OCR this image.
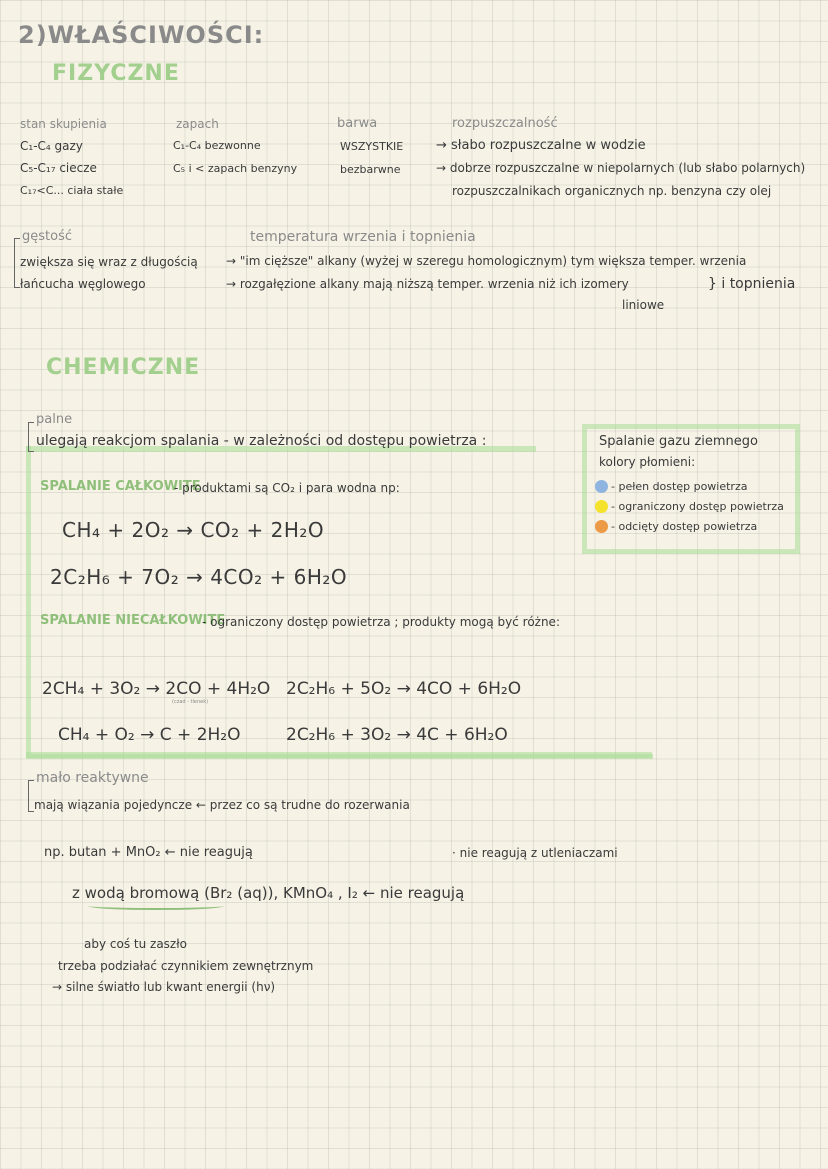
2)WŁAŚCIWOŚCI:
FIZYCZNE
stan skupienia
C₁-C₄ gazy
C₅-C₁₇ ciecze
C₁₇<C... ciała stałe
zapach
C₁-C₄ bezwonne
C₅ i < zapach benzyny
barwa
WSZYSTKIE
bezbarwne
rozpuszczalność
→ słabo rozpuszczalne w wodzie
→ dobrze rozpuszczalne w niepolarnych (lub słabo polarnych)
rozpuszczalnikach organicznych np. benzyna czy olej
gęstość
zwiększa się wraz z długością
łańcucha węglowego
temperatura wrzenia i topnienia
→ "im cięższe" alkany (wyżej w szeregu homologicznym) tym większa temper. wrzenia
→ rozgałęzione alkany mają niższą temper. wrzenia niż ich izomery
liniowe
} i topnienia
CHEMICZNE
palne
ulegają reakcjom spalania - w zależności od dostępu powietrza :
SPALANIE CAŁKOWITE
- produktami są CO₂ i para wodna np:
CH₄ + 2O₂ → CO₂ + 2H₂O
2C₂H₆ + 7O₂ → 4CO₂ + 6H₂O
SPALANIE NIECAŁKOWITE
- ograniczony dostęp powietrza ; produkty mogą być różne:
2CH₄ + 3O₂ → 2CO + 4H₂O
(czad - tlenek)
2C₂H₆ + 5O₂ → 4CO + 6H₂O
CH₄ + O₂ → C + 2H₂O	2C₂H₆ + 3O₂ → 4C + 6H₂O
Spalanie gazu ziemnego
kolory płomieni:
- pełen dostęp powietrza
- ograniczony dostęp powietrza
- odcięty dostęp powietrza
mało reaktywne
mają wiązania pojedyncze ← przez co są trudne do rozerwania
np. butan + MnO₂ ← nie reagują	· nie reagują z utleniaczami
z wodą bromową (Br₂ (aq)), KMnO₄ , I₂ ← nie reagują
aby coś tu zaszło
trzeba podziałać czynnikiem zewnętrznym
→ silne światło lub kwant energii (hν)
